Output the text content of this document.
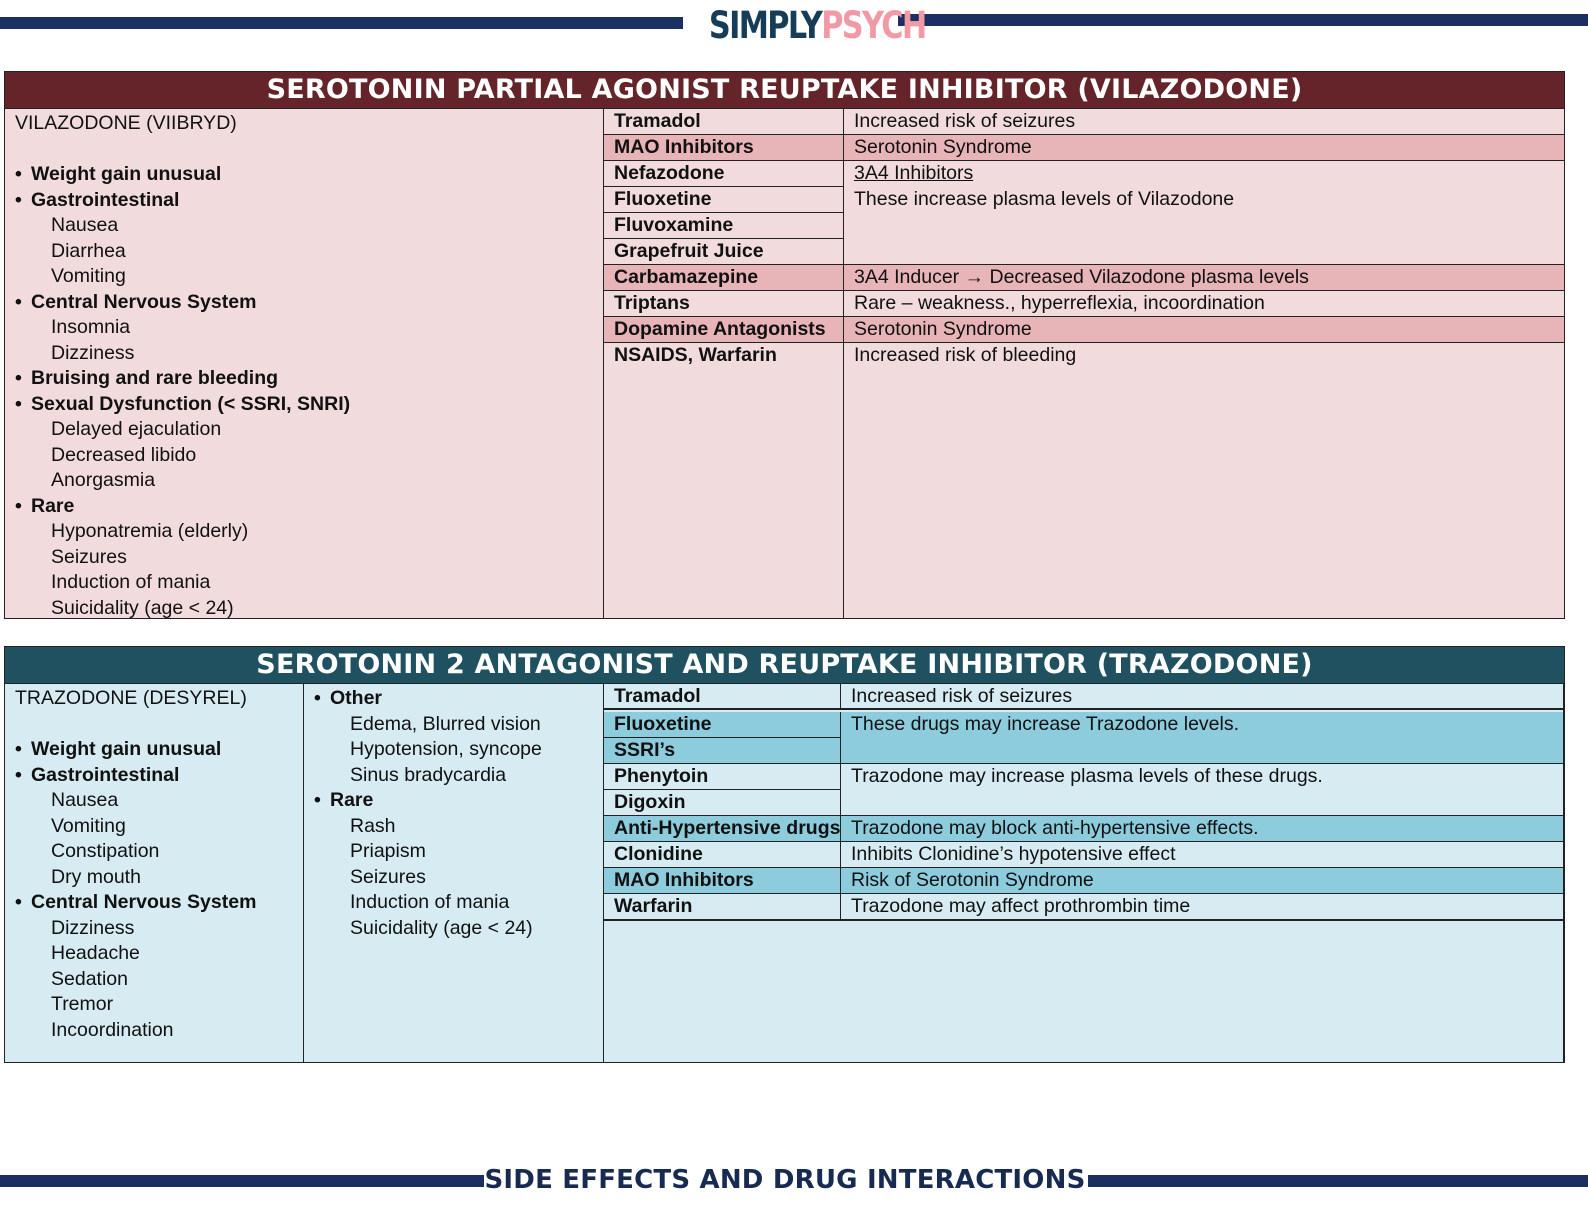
SIMPLYPSYCH
SEROTONIN PARTIAL AGONIST REUPTAKE INHIBITOR (VILAZODONE)
VILAZODONE (VIIBRYD)
• Weight gain unusual
• Gastrointestinal
Nausea
Diarrhea
Vomiting
• Central Nervous System
Insomnia
Dizziness
• Bruising and rare bleeding
• Sexual Dysfunction (< SSRI, SNRI)
Delayed ejaculation
Decreased libido
Anorgasmia
• Rare
Hyponatremia (elderly)
Seizures
Induction of mania
Suicidality (age < 24)
Tramadol
MAO Inhibitors
Nefazodone
Fluoxetine
Fluvoxamine
Grapefruit Juice
Carbamazepine
Triptans
Dopamine Antagonists
NSAIDS, Warfarin
Increased risk of seizures
Serotonin Syndrome
3A4 Inhibitors
These increase plasma levels of Vilazodone
3A4 Inducer → Decreased Vilazodone plasma levels
Rare – weakness., hyperreflexia, incoordination
Serotonin Syndrome
Increased risk of bleeding
SEROTONIN 2 ANTAGONIST AND REUPTAKE INHIBITOR (TRAZODONE)
TRAZODONE (DESYREL)
• Weight gain unusual
• Gastrointestinal
Nausea
Vomiting
Constipation
Dry mouth
• Central Nervous System
Dizziness
Headache
Sedation
Tremor
Incoordination
• Other
Edema, Blurred vision
Hypotension, syncope
Sinus bradycardia
• Rare
Rash
Priapism
Seizures
Induction of mania
Suicidality (age < 24)
Tramadol
Fluoxetine
SSRI’s
Phenytoin
Digoxin
Anti-Hypertensive drugs
Clonidine
MAO Inhibitors
Warfarin
Increased risk of seizures
These drugs may increase Trazodone levels.
Trazodone may increase plasma levels of these drugs.
Trazodone may block anti-hypertensive effects.
Inhibits Clonidine’s hypotensive effect
Risk of Serotonin Syndrome
Trazodone may affect prothrombin time
SIDE EFFECTS AND DRUG INTERACTIONS
